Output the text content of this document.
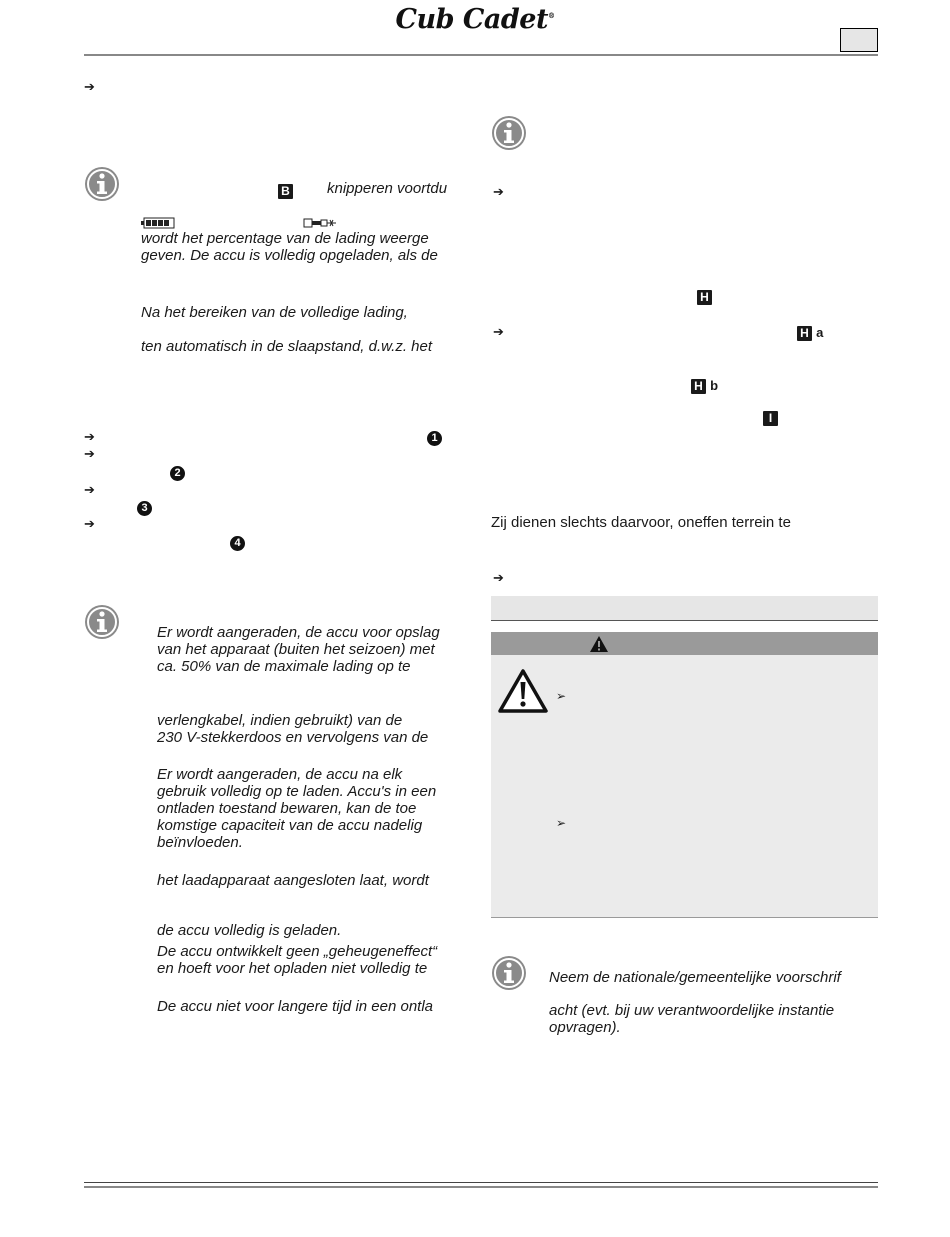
Cub Cadet®
➔
B knipperen voortdu
wordt het percentage van de lading weerge
geven. De accu is volledig opgeladen, als de
Na het bereiken van de volledige lading,
ten automatisch in de slaapstand, d.w.z. het
➔	1
➔
2
➔
3
➔
4
Er wordt aangeraden, de accu voor opslag
van het apparaat (buiten het seizoen) met
ca. 50% van de maximale lading op te
verlengkabel, indien gebruikt) van de
230 V-stekkerdoos en vervolgens van de
Er wordt aangeraden, de accu na elk
gebruik volledig op te laden. Accu's in een
ontladen toestand bewaren, kan de toe
komstige capaciteit van de accu nadelig
beïnvloeden.
het laadapparaat aangesloten laat, wordt
de accu volledig is geladen.
De accu ontwikkelt geen „geheugeneffect“
en hoeft voor het opladen niet volledig te
De accu niet voor langere tijd in een ontla
➔
H
➔	H a
H b
I
Zij dienen slechts daarvoor, oneffen terrein te
➔
➢
➢
Neem de nationale/gemeentelijke voorschrif
acht (evt. bij uw verantwoordelijke instantie
opvragen).
